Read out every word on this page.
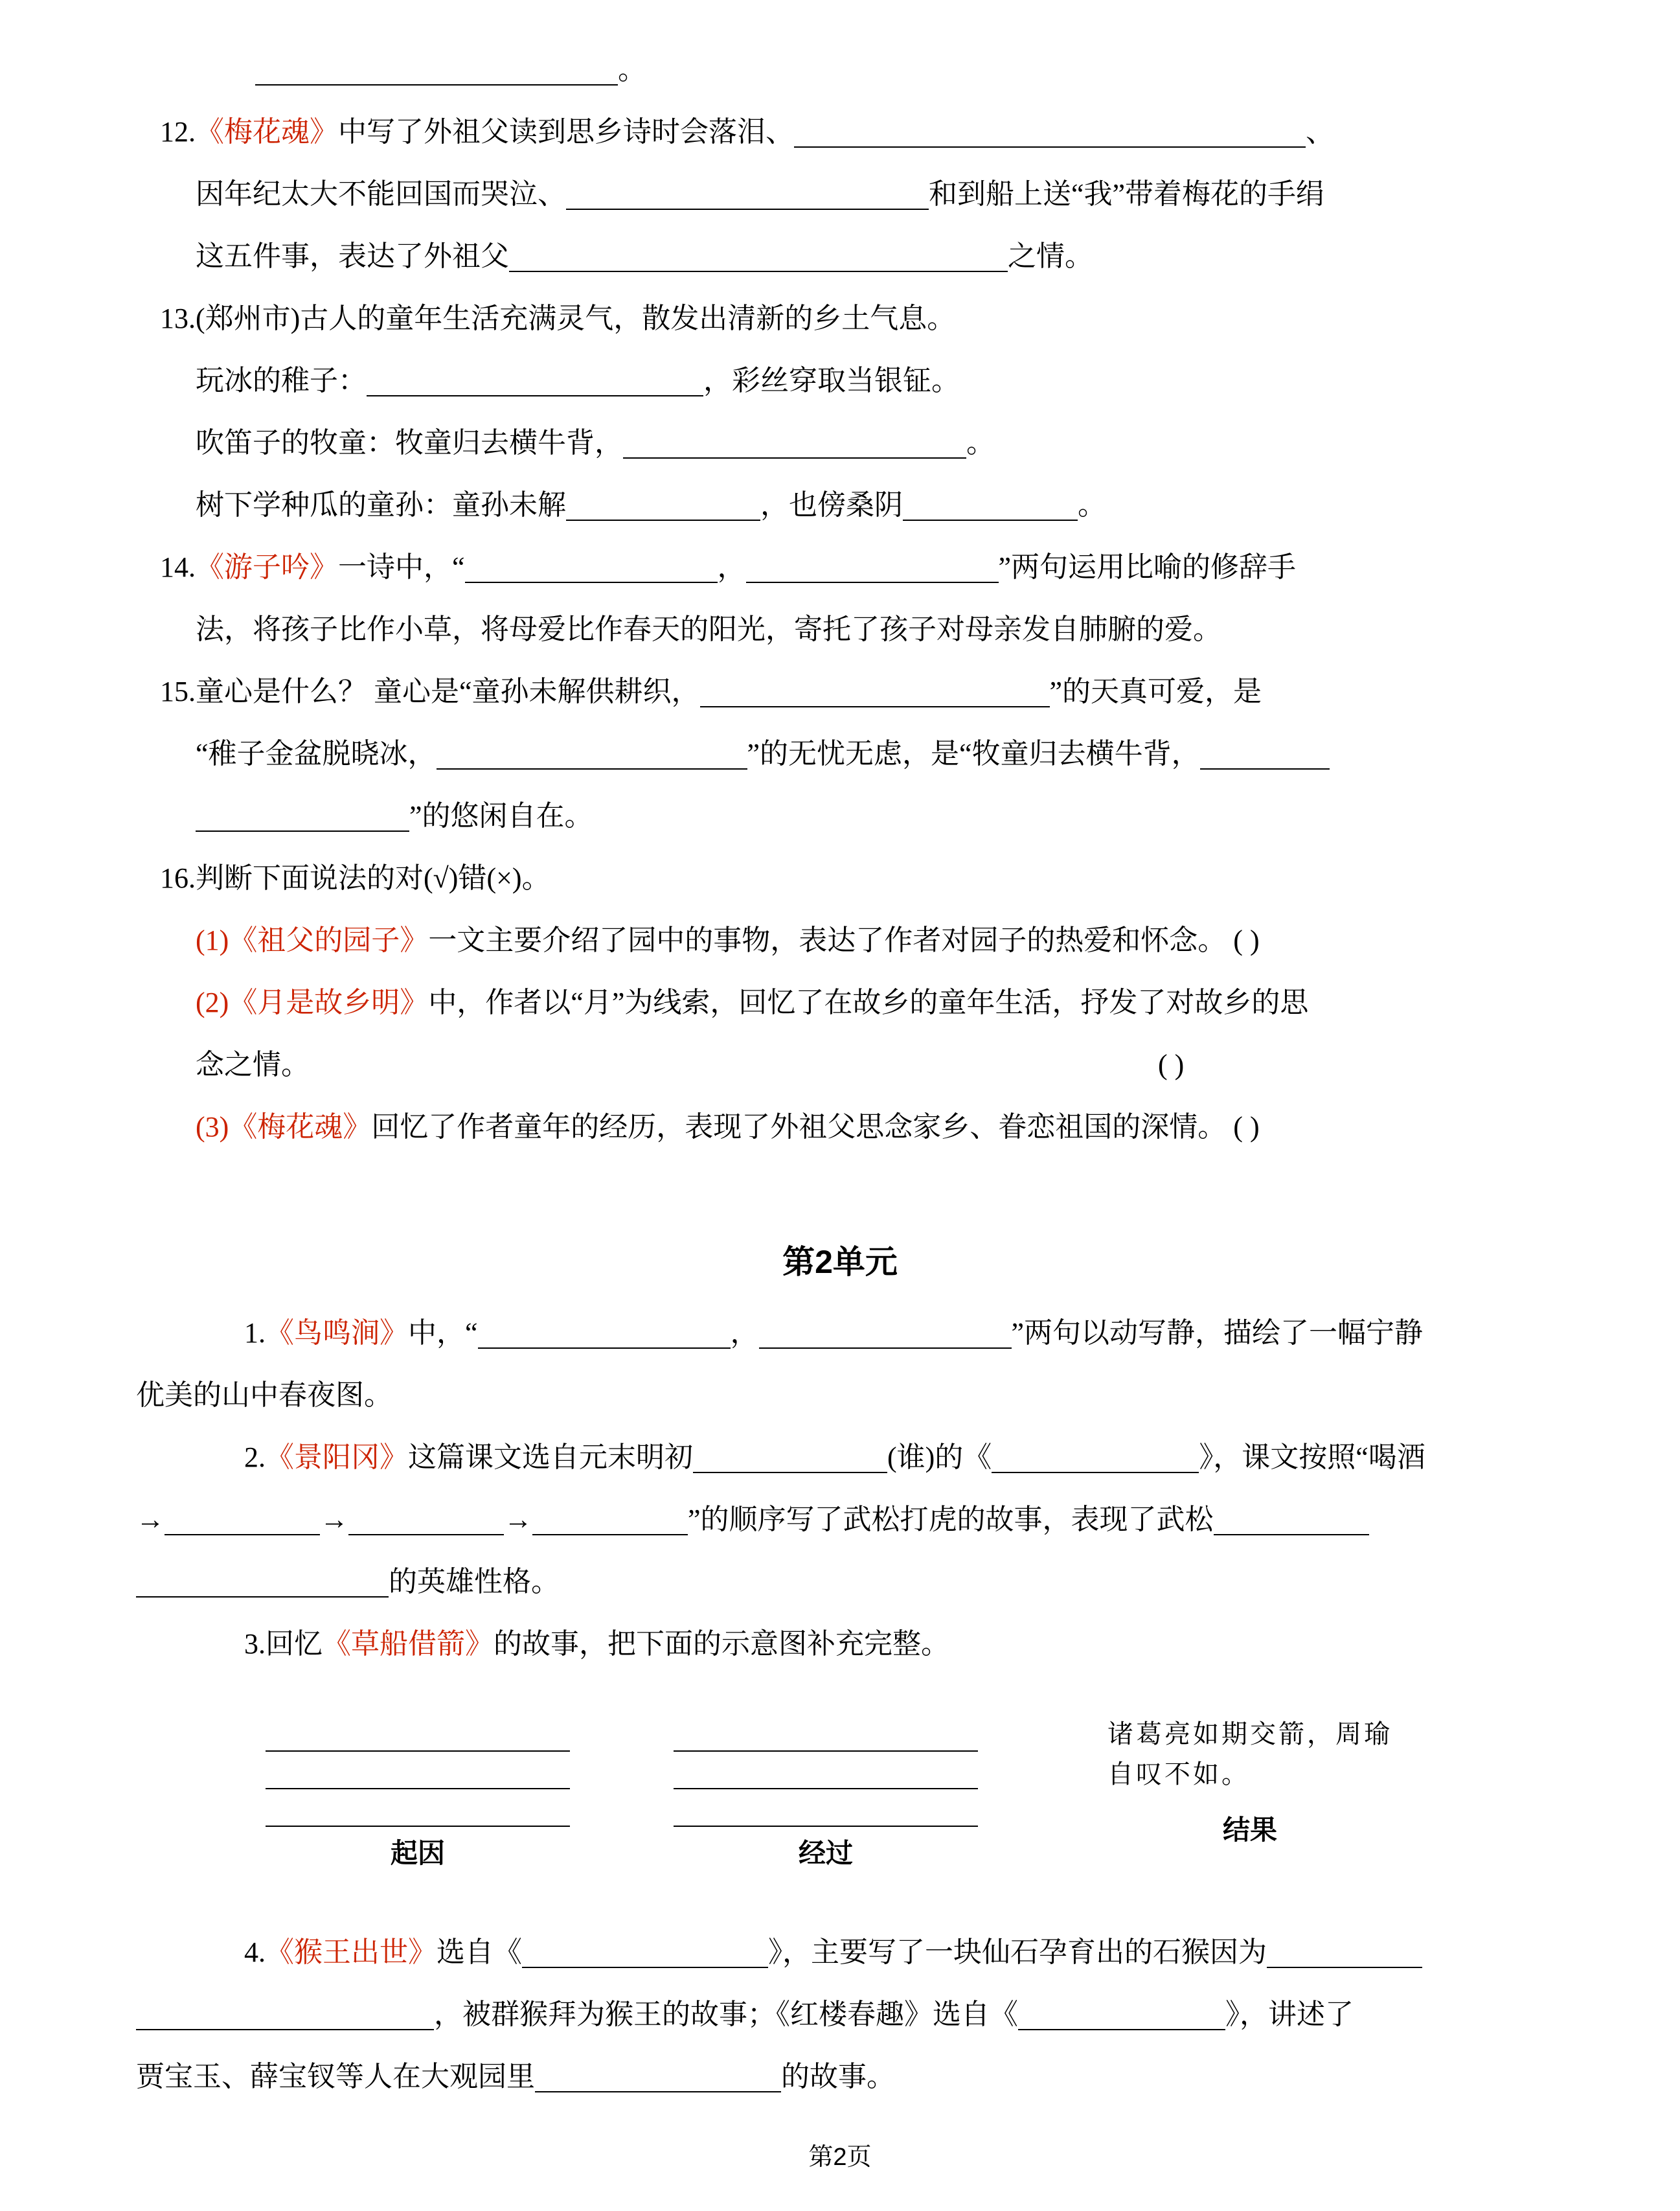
。
12.《梅花魂》中写了外祖父读到思乡诗时会落泪、	、
因年纪太大不能回国而哭泣、	和到船上送“我”带着梅花的手绢
这五件事，表达了外祖父	之情。
13.(郑州市)古人的童年生活充满灵气，散发出清新的乡土气息。
玩冰的稚子：	，彩丝穿取当银钲。
吹笛子的牧童：牧童归去横牛背，	。
树下学种瓜的童孙：童孙未解	，也傍桑阴	。
14.《游子吟》一诗中，“	，	”两句运用比喻的修辞手
法，将孩子比作小草，将母爱比作春天的阳光，寄托了孩子对母亲发自肺腑的爱。
15.童心是什么？ 童心是“童孙未解供耕织，	”的天真可爱，是
“稚子金盆脱晓冰，	”的无忧无虑，是“牧童归去横牛背，
”的悠闲自在。
16.判断下面说法的对(√)错(×)。
(1)《祖父的园子》一文主要介绍了园中的事物，表达了作者对园子的热爱和怀念。 ( )
(2)《月是故乡明》中，作者以“月”为线索，回忆了在故乡的童年生活，抒发了对故乡的思
念之情。	( )
(3)《梅花魂》回忆了作者童年的经历，表现了外祖父思念家乡、眷恋祖国的深情。 ( )
第2单元
1.《鸟鸣涧》中，“	，	”两句以动写静，描绘了一幅宁静
优美的山中春夜图。
2.《景阳冈》这篇课文选自元末明初	(谁)的《	》，课文按照“喝酒
→	→	→	”的顺序写了武松打虎的故事，表现了武松
的英雄性格。
3.回忆《草船借箭》的故事，把下面的示意图补充完整。
起因	经过
诸葛亮如期交箭，周瑜自叹不如。
结果
4.《猴王出世》选自《	》，主要写了一块仙石孕育出的石猴因为
，被群猴拜为猴王的故事；《红楼春趣》选自《	》，讲述了
贾宝玉、薛宝钗等人在大观园里	的故事。
第2页
